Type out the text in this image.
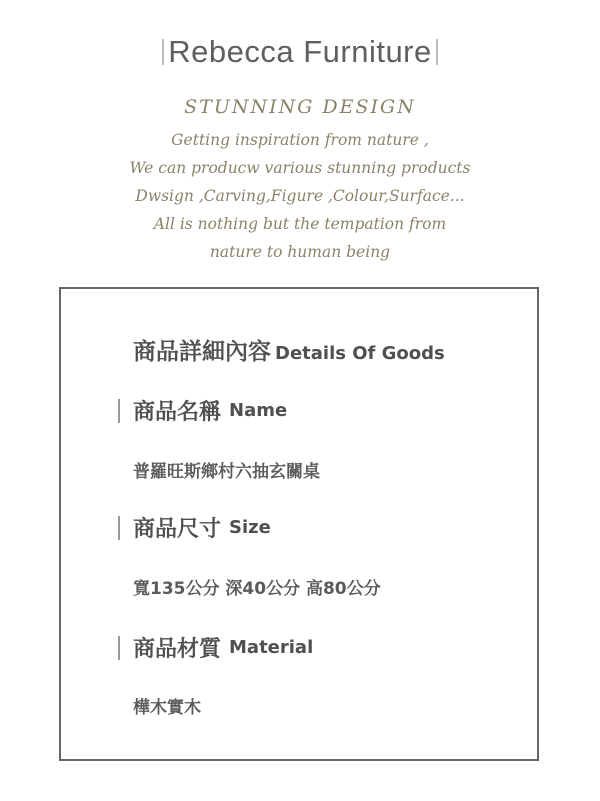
Rebecca Furniture
STUNNING DESIGN
Getting inspiration from nature ,
We can producw various stunning products
Dwsign ,Carving,Figure ,Colour,Surface...
All is nothing but the tempation from
nature to human being
商品詳細內容 Details Of Goods
商品名稱 Name
普羅旺斯鄉村六抽玄關桌
商品尺寸 Size
寬135公分 深40公分 高80公分
商品材質 Material
樺木實木
